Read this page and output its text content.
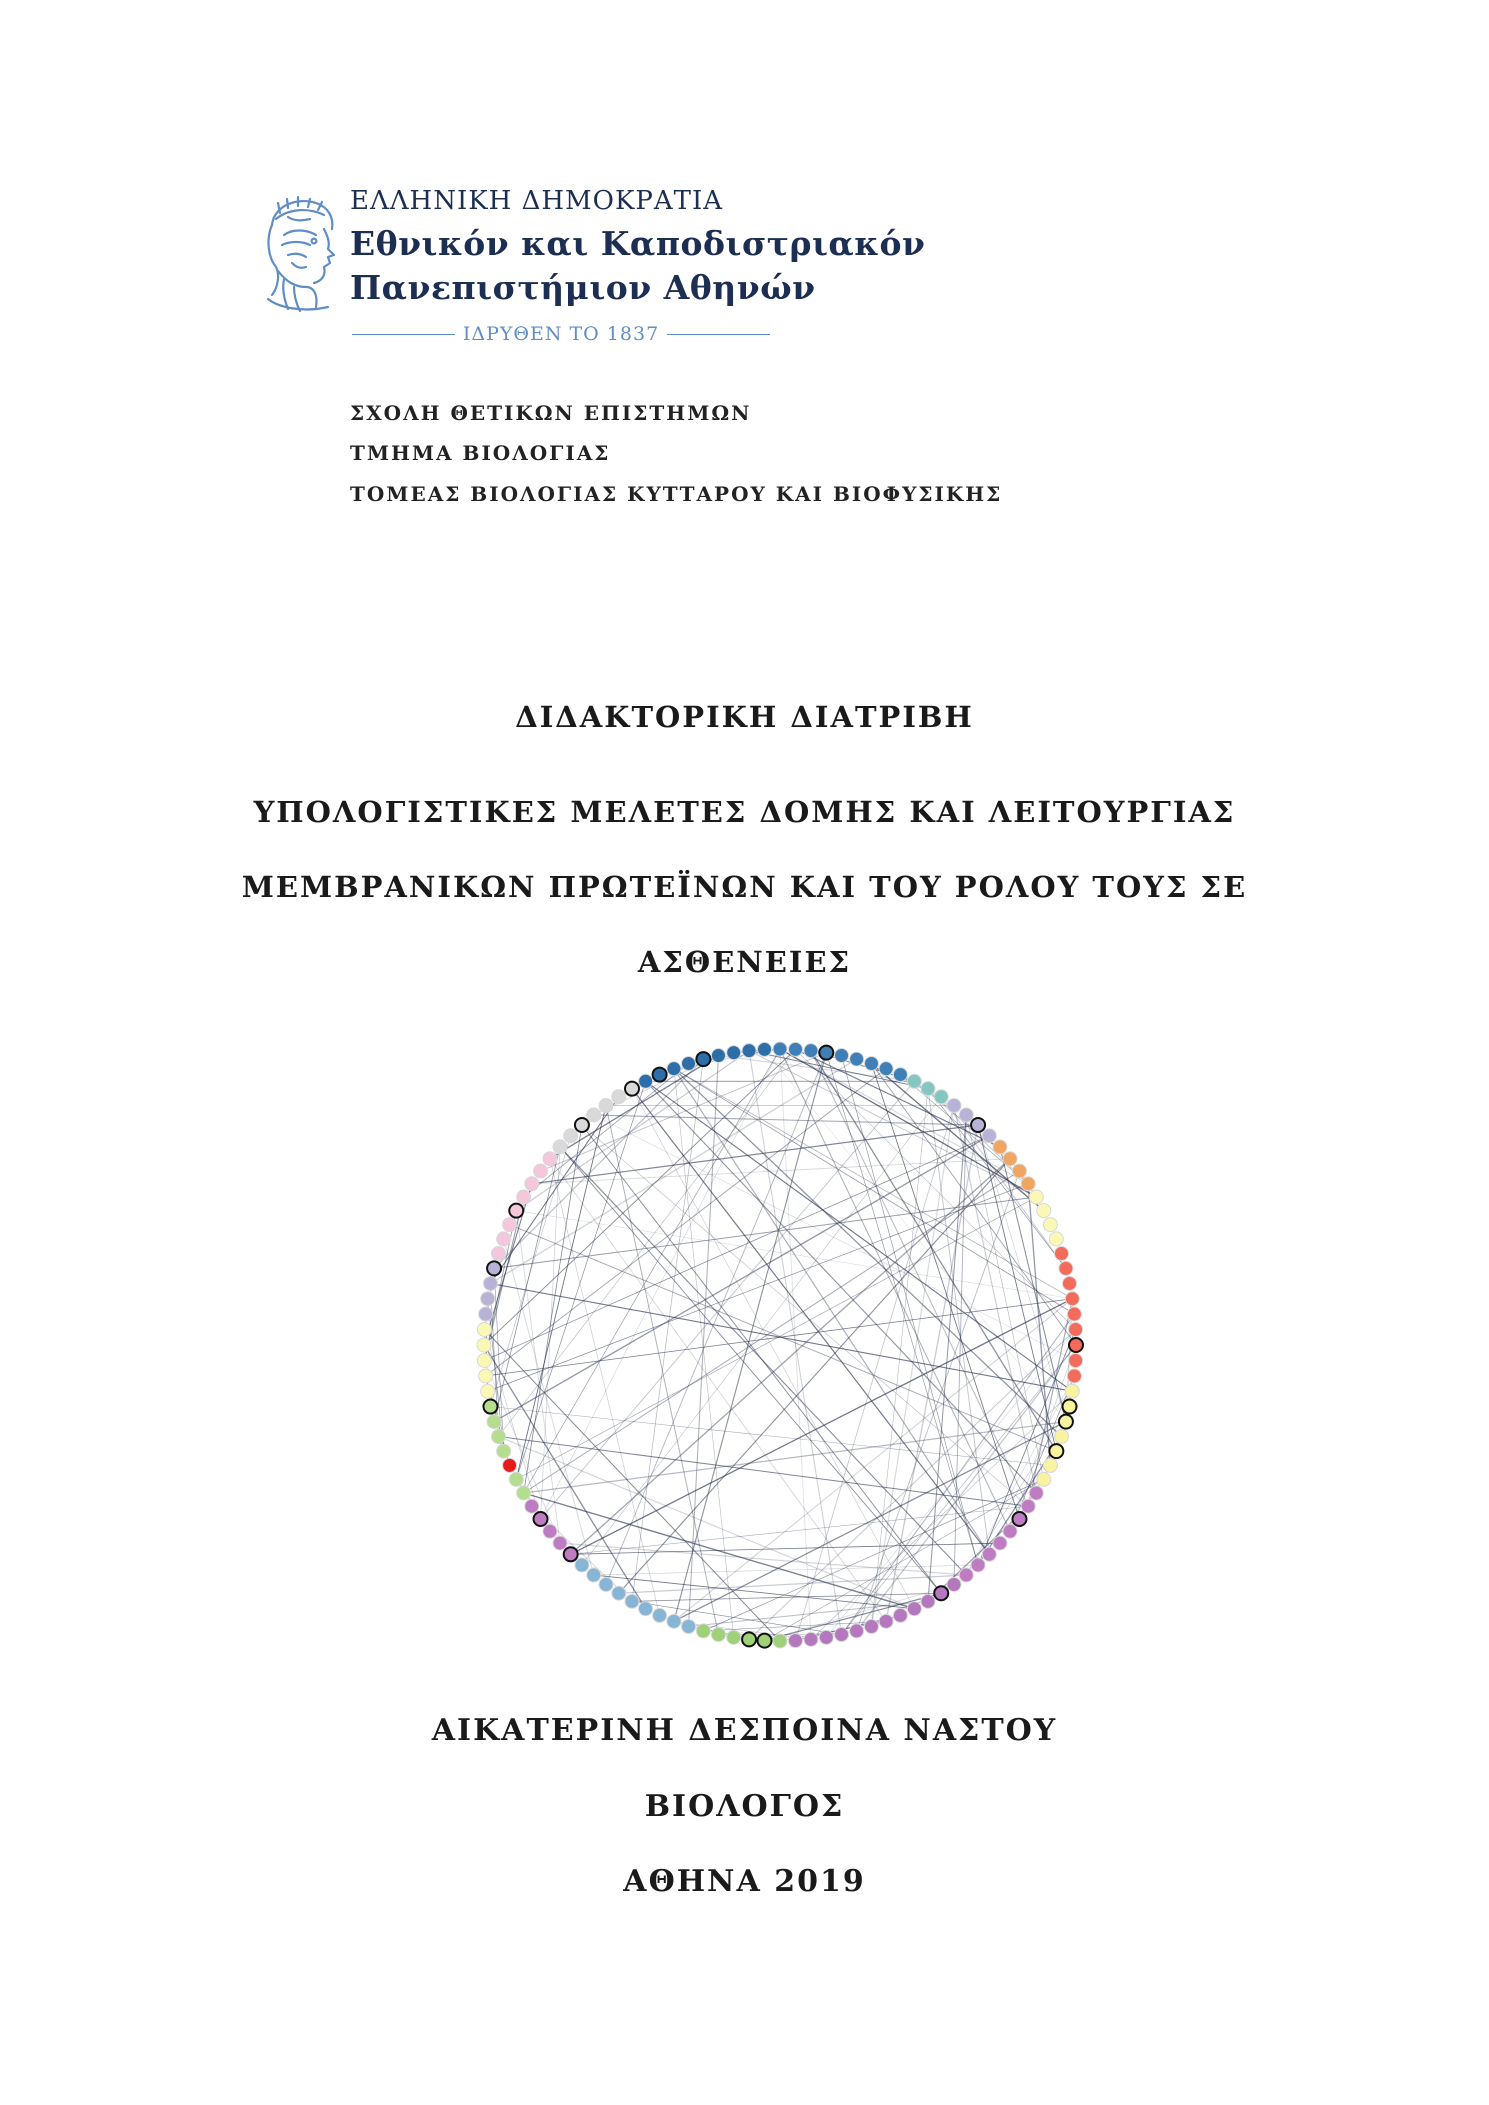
ΕΛΛΗΝΙΚΗ ΔΗΜΟΚΡΑΤΙΑ
Εθνικόν και Καποδιστριακόν
Πανεπιστήμιον Αθηνών
ΙΔΡΥΘΕΝ ΤΟ 1837
ΣΧΟΛΗ ΘΕΤΙΚΩΝ ΕΠΙΣΤΗΜΩΝ
ΤΜΗΜΑ ΒΙΟΛΟΓΙΑΣ
ΤΟΜΕΑΣ ΒΙΟΛΟΓΙΑΣ ΚΥΤΤΑΡΟΥ ΚΑΙ ΒΙΟΦΥΣΙΚΗΣ
ΔΙΔΑΚΤΟΡΙΚΗ ΔΙΑΤΡΙΒΗ
ΥΠΟΛΟΓΙΣΤΙΚΕΣ ΜΕΛΕΤΕΣ ΔΟΜΗΣ ΚΑΙ ΛΕΙΤΟΥΡΓΙΑΣ
ΜΕΜΒΡΑΝΙΚΩΝ ΠΡΩΤΕΪΝΩΝ ΚΑΙ ΤΟΥ ΡΟΛΟΥ ΤΟΥΣ ΣΕ
ΑΣΘΕΝΕΙΕΣ
ΑΙΚΑΤΕΡΙΝΗ ΔΕΣΠΟΙΝΑ ΝΑΣΤΟΥ
ΒΙΟΛΟΓΟΣ
ΑΘΗΝΑ 2019
